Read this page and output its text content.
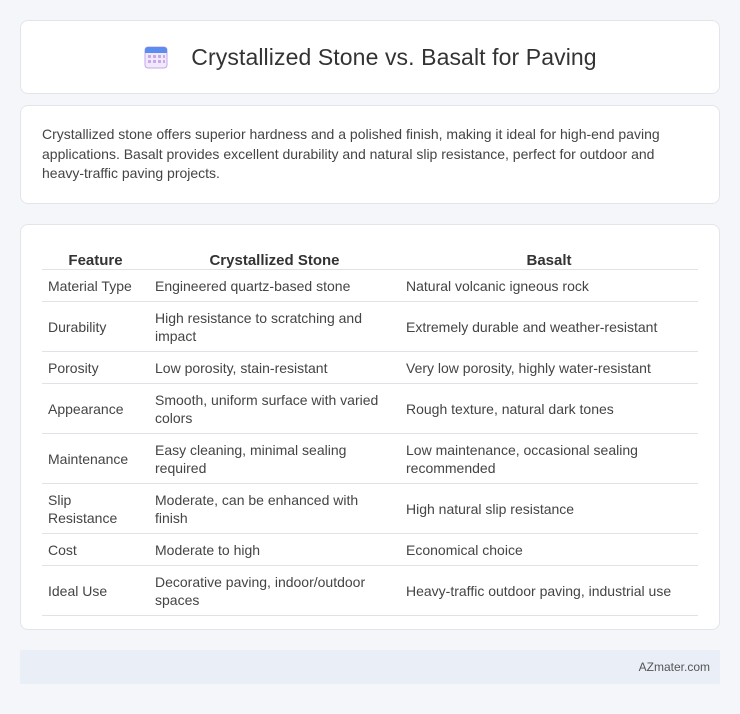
Crystallized Stone vs. Basalt for Paving

Crystallized stone offers superior hardness and a polished finish, making it ideal for high-end paving applications. Basalt provides excellent durability and natural slip resistance, perfect for outdoor and heavy-traffic paving projects.

Feature	Crystallized Stone	Basalt
Material Type	Engineered quartz-based stone	Natural volcanic igneous rock
Durability	High resistance to scratching and impact	Extremely durable and weather-resistant
Porosity	Low porosity, stain-resistant	Very low porosity, highly water-resistant
Appearance	Smooth, uniform surface with varied colors	Rough texture, natural dark tones
Maintenance	Easy cleaning, minimal sealing required	Low maintenance, occasional sealing recommended
Slip Resistance	Moderate, can be enhanced with finish	High natural slip resistance
Cost	Moderate to high	Economical choice
Ideal Use	Decorative paving, indoor/outdoor spaces	Heavy-traffic outdoor paving, industrial use
AZmater.com
